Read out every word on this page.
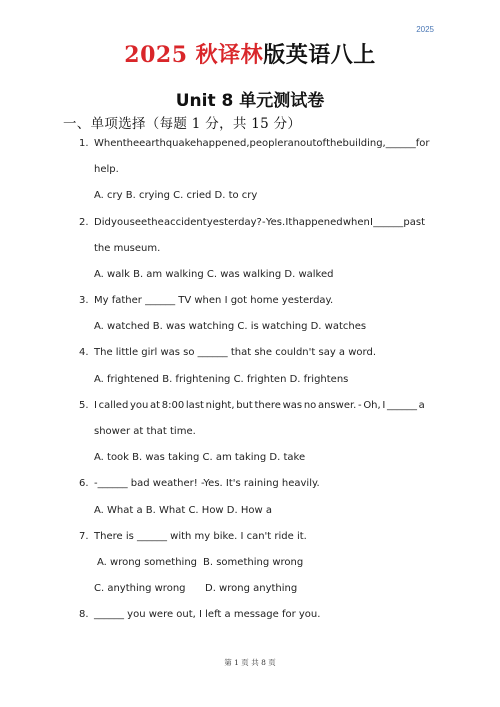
2025
2025 秋译林版英语八上
Unit 8 单元测试卷
一、单项选择（每题 1 分，共 15 分）
1. When the earthquake happened, people ran out of the building, ______ for
help.
A. cry B. crying C. cried D. to cry
2. Did you see the accident yesterday? - Yes. It happened when I ______ past
the museum.
A. walk B. am walking C. was walking D. walked
3. My father ______ TV when I got home yesterday.
A. watched B. was watching C. is watching D. watches
4. The little girl was so ______ that she couldn't say a word.
A. frightened B. frightening C. frighten D. frightens
5. I called you at 8:00 last night, but there was no answer. - Oh, I ______ a
shower at that time.
A. took B. was taking C. am taking D. take
6. -______ bad weather! -Yes. It's raining heavily.
A. What a B. What C. How D. How a
7. There is ______ with my bike. I can't ride it.
A. wrong something B. something wrong
C. anything wrong D. wrong anything
8. ______ you were out, I left a message for you.
第 1 页 共 8 页
